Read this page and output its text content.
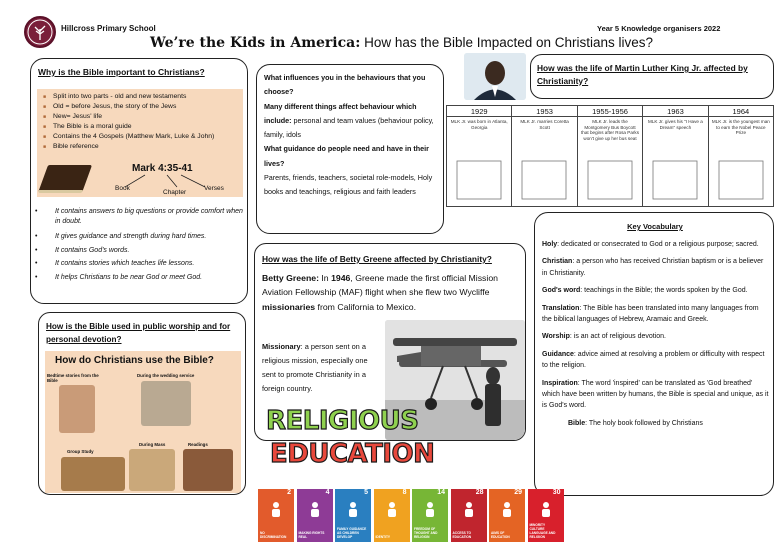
Hillcross Primary School	Year 5 Knowledge organisers 2022
We’re the Kids in America: How has the Bible Impacted on Christians lives?
Why is the Bible important to Christians?
■ Split into two parts - old and new testaments
■ Old = before Jesus, the story of the Jews
■ New= Jesus' life
■ The Bible is a moral guide
■ Contains the 4 Gospels (Matthew Mark, Luke & John)
■ Bible reference
Mark 4:35-41
Book
Chapter
Verses
• It contains answers to big questions or provide comfort when in doubt.
• It gives guidance and strength during hard times.
• It contains God's words.
• It contains stories which teaches life lessons.
• It helps Christians to be near God or meet God.
What influences you in the behaviours that you choose?
Many different things affect behaviour which include: personal and team values (behaviour policy, family, idols
What guidance do people need and have in their lives?
Parents, friends, teachers, societal role-models, Holy books and teachings, religious and faith leaders
How was the life of Martin Luther King Jr. affected by Christianity?
1929
MLK Jr. was born in Atlanta, Georgia
1953
MLK Jr. marries Coretta Scott
1955-1956
MLK Jr. leads the Montgomery Bus Boycott that begins after Rosa Parks won't give up her bus seat
1963
MLK Jr. gives his "I Have a Dream" speech
1964
MLK Jr. is the youngest man to earn the Nobel Peace Prize
Key Vocabulary
Holy: dedicated or consecrated to God or a religious purpose; sacred.
Christian: a person who has received Christian baptism or is a believer in Christianity.
God's word: teachings in the Bible; the words spoken by the God.
Translation: The Bible has been translated into many languages from the biblical languages of Hebrew, Aramaic and Greek.
Worship: is an act of religious devotion.
Guidance: advice aimed at resolving a problem or difficulty with respect to the religion.
Inspiration: The word 'inspired' can be translated as 'God breathed' which have been written by humans, the Bible is special and unique, as it is God's word.
Bible: The holy book followed by Christians
How was the life of Betty Greene affected by Christianity?
Betty Greene: In 1946, Greene made the first official Mission Aviation Fellowship (MAF) flight when she flew two Wycliffe missionaries from California to Mexico.
Missionary: a person sent on a religious mission, especially one sent to promote Christianity in a foreign country.
RELIGIOUS
EDUCATION
How is the Bible used in public worship and for personal devotion?
How do Christians use the Bible?
Bedtime stories from the Bible
During the wedding service
Group Study
During Mass	Readings
2
NO DISCRIMINATION
4
MAKING RIGHTS REAL
5
FAMILY GUIDANCE AS CHILDREN DEVELOP
8
IDENTITY
14
FREEDOM OF THOUGHT AND RELIGION
28
ACCESS TO EDUCATION
29
AIMS OF EDUCATION
30
MINORITY CULTURE LANGUAGE AND RELIGION
